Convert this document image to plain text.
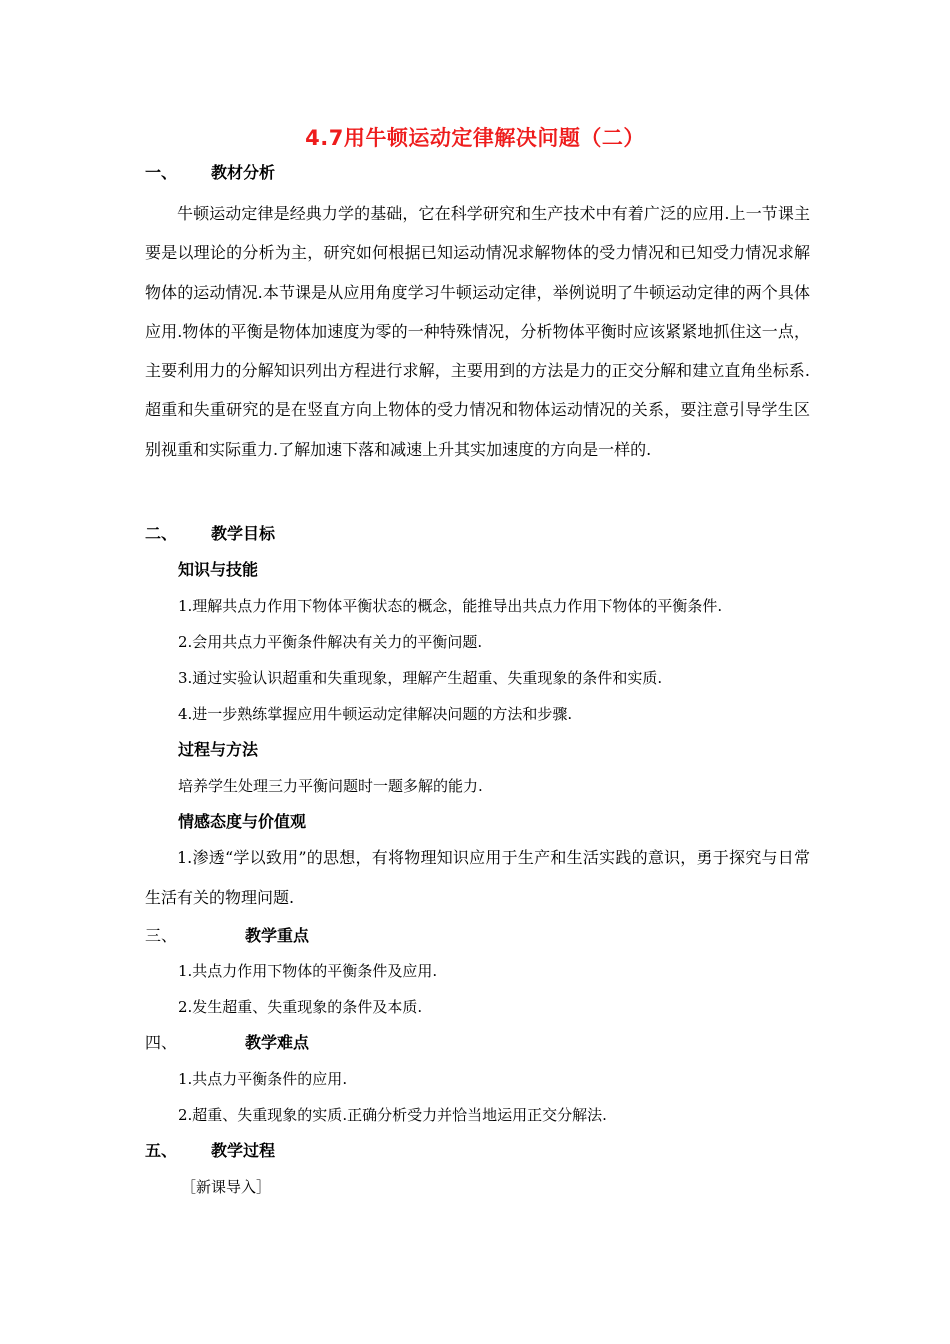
4.7用牛顿运动定律解决问题（二）
一、 教材分析
牛顿运动定律是经典力学的基础，它在科学研究和生产技术中有着广泛的应用.上一节课主要是以理论的分析为主，研究如何根据已知运动情况求解物体的受力情况和已知受力情况求解物体的运动情况.本节课是从应用角度学习牛顿运动定律，举例说明了牛顿运动定律的两个具体应用.物体的平衡是物体加速度为零的一种特殊情况，分析物体平衡时应该紧紧地抓住这一点，主要利用力的分解知识列出方程进行求解，主要用到的方法是力的正交分解和建立直角坐标系.超重和失重研究的是在竖直方向上物体的受力情况和物体运动情况的关系，要注意引导学生区别视重和实际重力.了解加速下落和减速上升其实加速度的方向是一样的.
二、 教学目标
知识与技能
1.理解共点力作用下物体平衡状态的概念，能推导出共点力作用下物体的平衡条件.
2.会用共点力平衡条件解决有关力的平衡问题.
3.通过实验认识超重和失重现象，理解产生超重、失重现象的条件和实质.
4.进一步熟练掌握应用牛顿运动定律解决问题的方法和步骤.
过程与方法
培养学生处理三力平衡问题时一题多解的能力.
情感态度与价值观
1.渗透“学以致用”的思想，有将物理知识应用于生产和生活实践的意识，勇于探究与日常生活有关的物理问题.
三、	教学重点
1.共点力作用下物体的平衡条件及应用.
2.发生超重、失重现象的条件及本质.
四、	教学难点
1.共点力平衡条件的应用.
2.超重、失重现象的实质.正确分析受力并恰当地运用正交分解法.
五、 教学过程
［新课导入］
